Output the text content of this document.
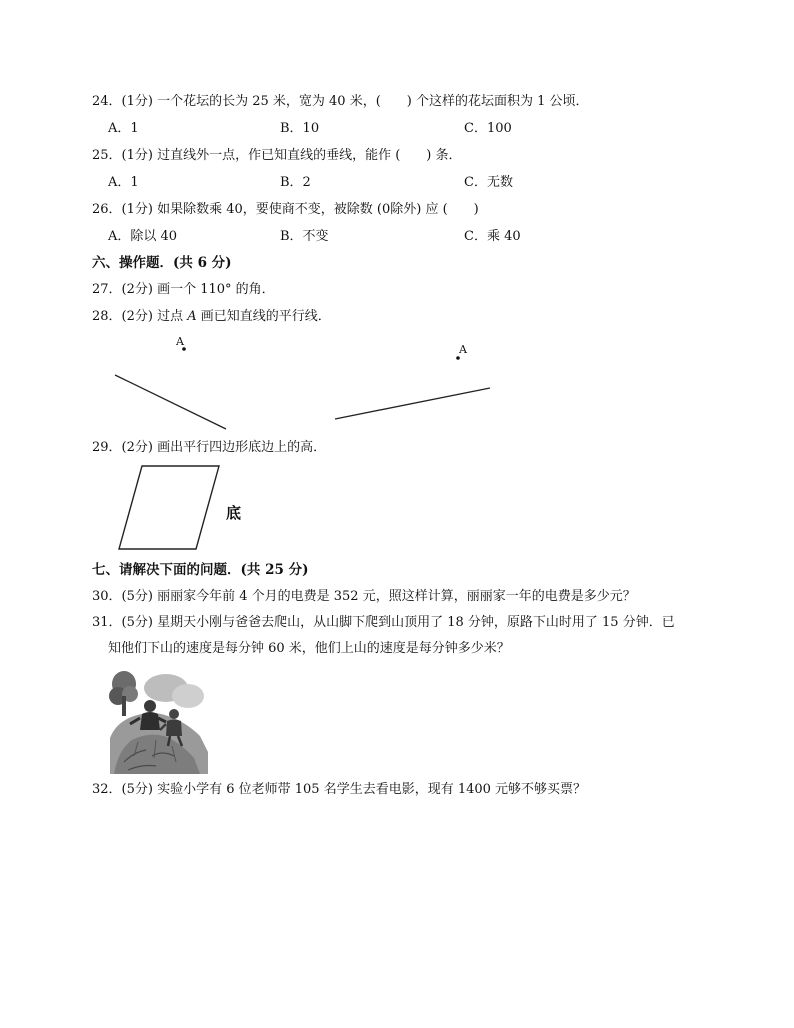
24．(1分) 一个花坛的长为 25 米，宽为 40 米，(　　) 个这样的花坛面积为 1 公顷．
A．1	B．10	C．100
25．(1分) 过直线外一点，作已知直线的垂线，能作 (　　) 条．
A．1	B．2	C．无数
26．(1分) 如果除数乘 40，要使商不变，被除数 (0除外) 应 (　　)
A．除以 40	B．不变	C．乘 40
六、操作题．(共 6 分)
27．(2分) 画一个 110° 的角．
28．(2分) 过点 A 画已知直线的平行线．
A
A
底
29．(2分) 画出平行四边形底边上的高．
七、请解决下面的问题．(共 25 分)
30．(5分) 丽丽家今年前 4 个月的电费是 352 元，照这样计算，丽丽家一年的电费是多少元？
31．(5分) 星期天小刚与爸爸去爬山，从山脚下爬到山顶用了 18 分钟，原路下山时用了 15 分钟．已
知他们下山的速度是每分钟 60 米，他们上山的速度是每分钟多少米？
32．(5分) 实验小学有 6 位老师带 105 名学生去看电影，现有 1400 元够不够买票？
